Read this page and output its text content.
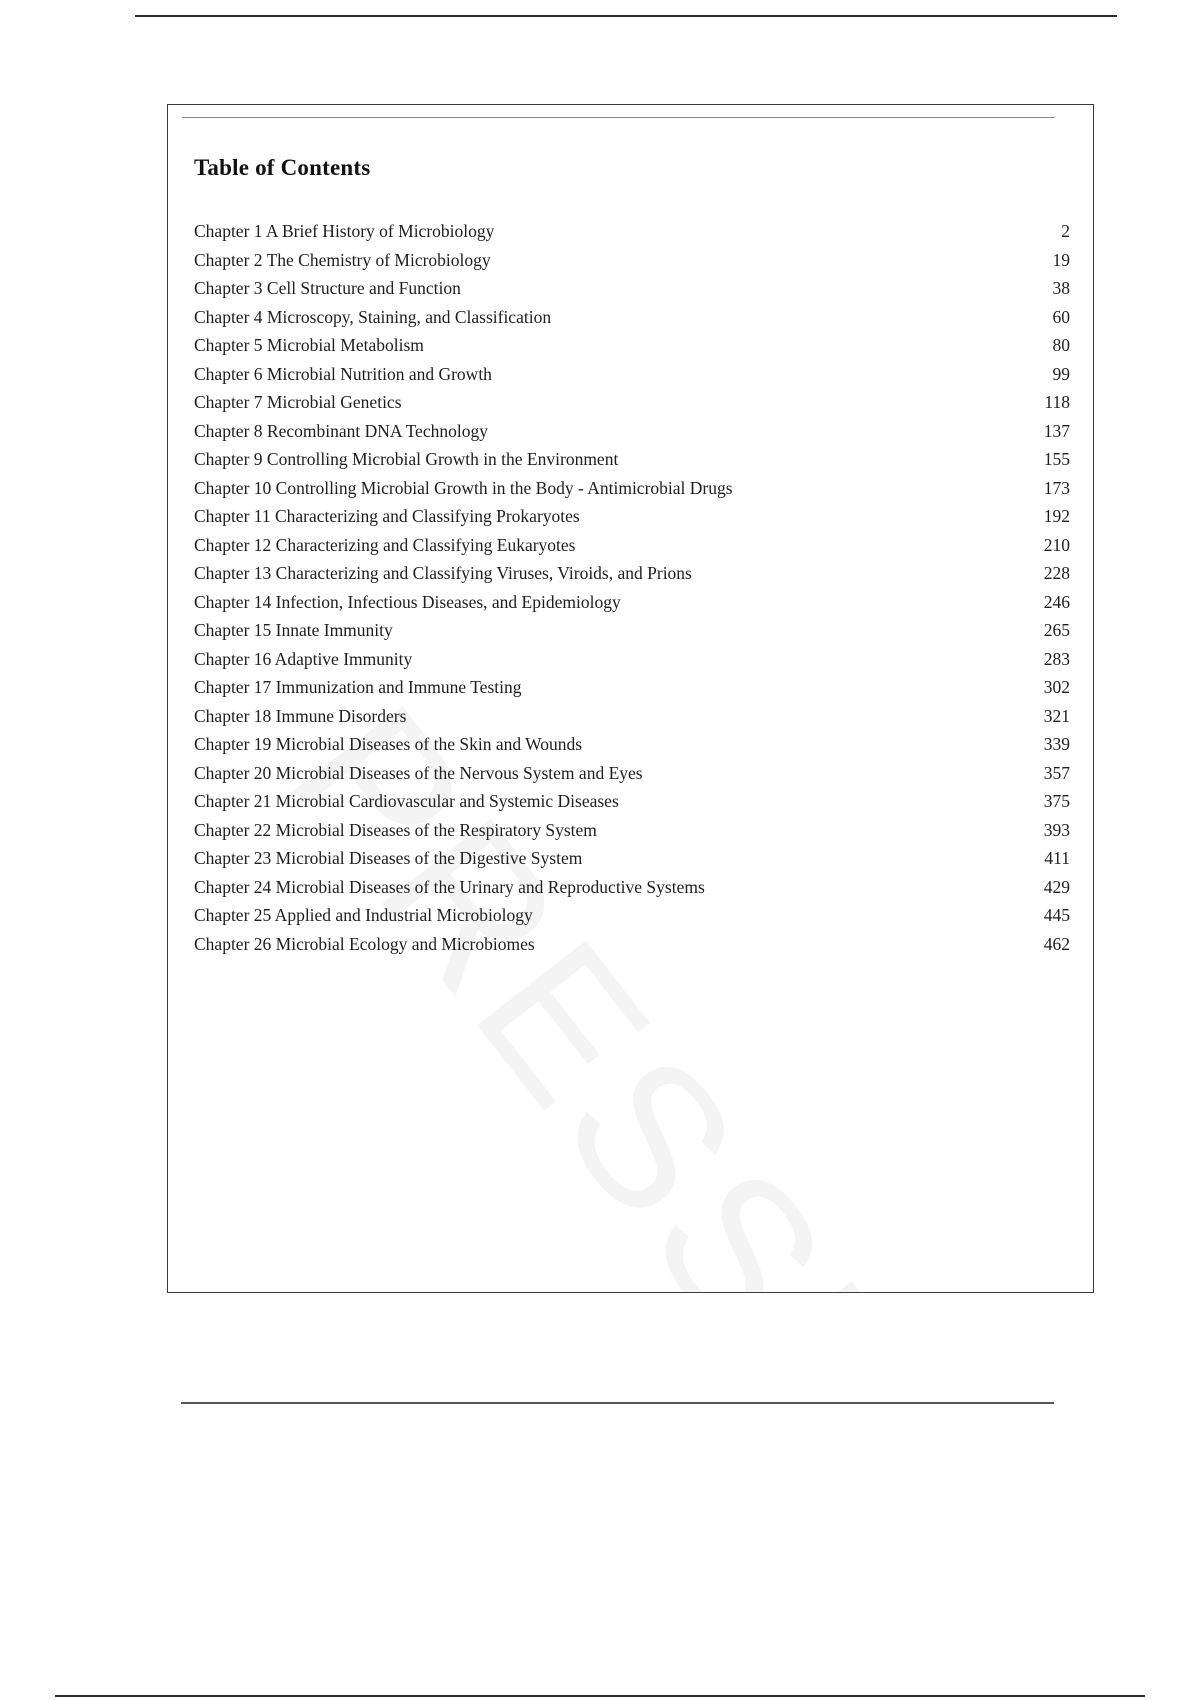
Table of Contents
Chapter 1 A Brief History of Microbiology	2
Chapter 2 The Chemistry of Microbiology	19
Chapter 3 Cell Structure and Function	38
Chapter 4 Microscopy, Staining, and Classification	60
Chapter 5 Microbial Metabolism	80
Chapter 6 Microbial Nutrition and Growth	99
Chapter 7 Microbial Genetics	118
Chapter 8 Recombinant DNA Technology	137
Chapter 9 Controlling Microbial Growth in the Environment	155
Chapter 10 Controlling Microbial Growth in the Body - Antimicrobial Drugs	173
Chapter 11 Characterizing and Classifying Prokaryotes	192
Chapter 12 Characterizing and Classifying Eukaryotes	210
Chapter 13 Characterizing and Classifying Viruses, Viroids, and Prions	228
Chapter 14 Infection, Infectious Diseases, and Epidemiology	246
Chapter 15 Innate Immunity	265
Chapter 16 Adaptive Immunity	283
Chapter 17 Immunization and Immune Testing	302
Chapter 18 Immune Disorders	321
Chapter 19 Microbial Diseases of the Skin and Wounds	339
Chapter 20 Microbial Diseases of the Nervous System and Eyes	357
Chapter 21 Microbial Cardiovascular and Systemic Diseases	375
Chapter 22 Microbial Diseases of the Respiratory System	393
Chapter 23 Microbial Diseases of the Digestive System	411
Chapter 24 Microbial Diseases of the Urinary and Reproductive Systems	429
Chapter 25 Applied and Industrial Microbiology	445
Chapter 26 Microbial Ecology and Microbiomes	462
